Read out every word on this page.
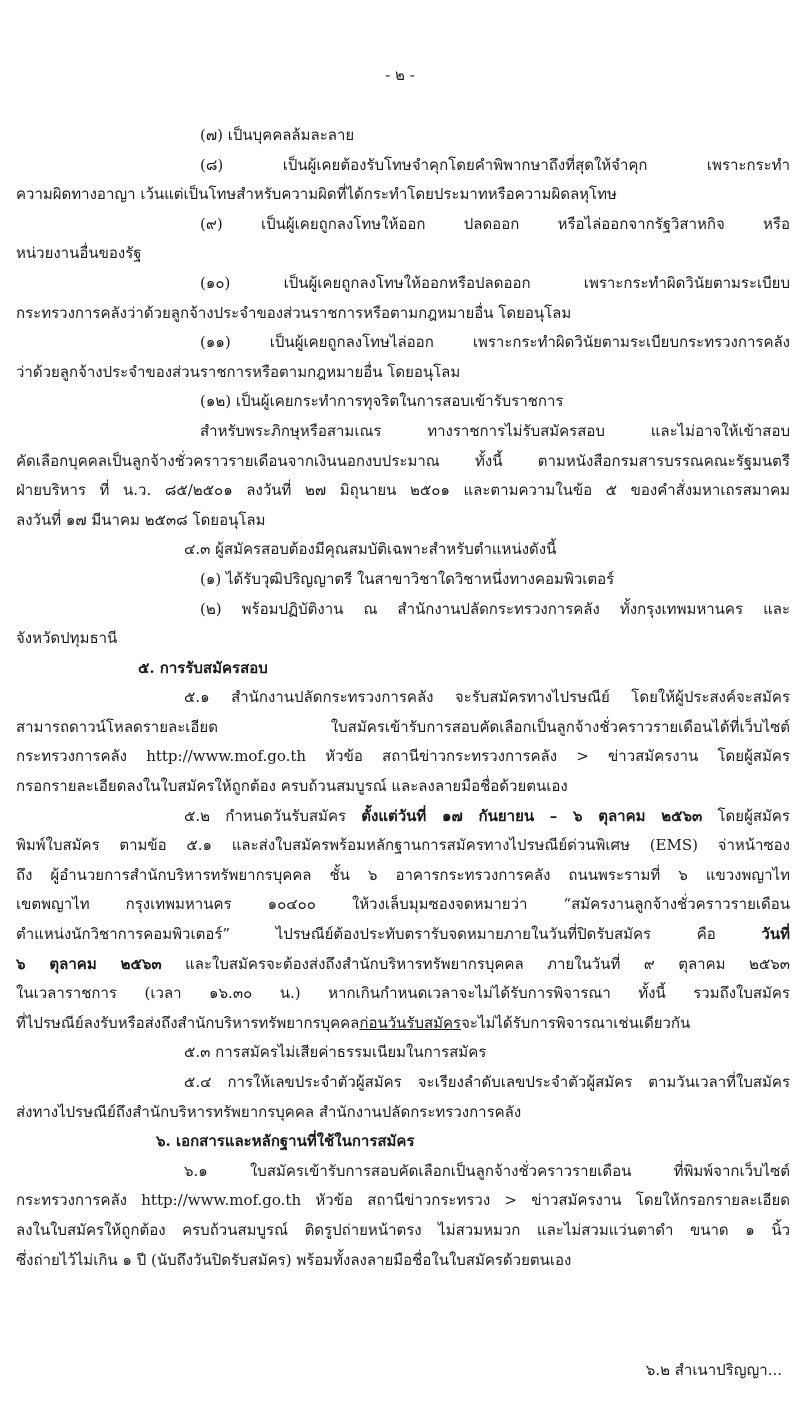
- ๒ -
(๗) เป็นบุคคลล้มละลาย
(๘) เป็นผู้เคยต้องรับโทษจำคุกโดยคำพิพากษาถึงที่สุดให้จำคุก เพราะกระทำ
ความผิดทางอาญา เว้นแต่เป็นโทษสำหรับความผิดที่ได้กระทำโดยประมาทหรือความผิดลหุโทษ
(๙) เป็นผู้เคยถูกลงโทษให้ออก ปลดออก หรือไล่ออกจากรัฐวิสาหกิจ หรือ
หน่วยงานอื่นของรัฐ
(๑๐) เป็นผู้เคยถูกลงโทษให้ออกหรือปลดออก เพราะกระทำผิดวินัยตามระเบียบ
กระทรวงการคลังว่าด้วยลูกจ้างประจำของส่วนราชการหรือตามกฎหมายอื่น โดยอนุโลม
(๑๑) เป็นผู้เคยถูกลงโทษไล่ออก เพราะกระทำผิดวินัยตามระเบียบกระทรวงการคลัง
ว่าด้วยลูกจ้างประจำของส่วนราชการหรือตามกฎหมายอื่น โดยอนุโลม
(๑๒) เป็นผู้เคยกระทำการทุจริตในการสอบเข้ารับราชการ
สำหรับพระภิกษุหรือสามเณร ทางราชการไม่รับสมัครสอบ และไม่อาจให้เข้าสอบ
คัดเลือกบุคคลเป็นลูกจ้างชั่วคราวรายเดือนจากเงินนอกงบประมาณ ทั้งนี้ ตามหนังสือกรมสารบรรณคณะรัฐมนตรี
ฝ่ายบริหาร ที่ น.ว. ๘๕/๒๕๐๑ ลงวันที่ ๒๗ มิถุนายน ๒๕๐๑ และตามความในข้อ ๕ ของคำสั่งมหาเถรสมาคม
ลงวันที่ ๑๗ มีนาคม ๒๕๓๘ โดยอนุโลม
๔.๓ ผู้สมัครสอบต้องมีคุณสมบัติเฉพาะสำหรับตำแหน่งดังนี้
(๑) ได้รับวุฒิปริญญาตรี ในสาขาวิชาใดวิชาหนึ่งทางคอมพิวเตอร์
(๒) พร้อมปฏิบัติงาน ณ สำนักงานปลัดกระทรวงการคลัง ทั้งกรุงเทพมหานคร และ
จังหวัดปทุมธานี
๕. การรับสมัครสอบ
๕.๑ สำนักงานปลัดกระทรวงการคลัง จะรับสมัครทางไปรษณีย์ โดยให้ผู้ประสงค์จะสมัคร
สามารถดาวน์โหลดรายละเอียด ใบสมัครเข้ารับการสอบคัดเลือกเป็นลูกจ้างชั่วคราวรายเดือนได้ที่เว็บไซต์
กระทรวงการคลัง http://www.mof.go.th หัวข้อ สถานีข่าวกระทรวงการคลัง > ข่าวสมัครงาน โดยผู้สมัคร
กรอกรายละเอียดลงในใบสมัครให้ถูกต้อง ครบถ้วนสมบูรณ์ และลงลายมือชื่อด้วยตนเอง
๕.๒ กำหนดวันรับสมัคร ตั้งแต่วันที่ ๑๗ กันยายน – ๖ ตุลาคม ๒๕๖๓ โดยผู้สมัคร
พิมพ์ใบสมัคร ตามข้อ ๕.๑ และส่งใบสมัครพร้อมหลักฐานการสมัครทางไปรษณีย์ด่วนพิเศษ (EMS) จ่าหน้าซอง
ถึง ผู้อำนวยการสำนักบริหารทรัพยากรบุคคล ชั้น ๖ อาคารกระทรวงการคลัง ถนนพระรามที่ ๖ แขวงพญาไท
เขตพญาไท กรุงเทพมหานคร ๑๐๔๐๐ ให้วงเล็บมุมซองจดหมายว่า “สมัครงานลูกจ้างชั่วคราวรายเดือน
ตำแหน่งนักวิชาการคอมพิวเตอร์” ไปรษณีย์ต้องประทับตรารับจดหมายภายในวันที่ปิดรับสมัคร คือ วันที่
๖ ตุลาคม ๒๕๖๓ และใบสมัครจะต้องส่งถึงสำนักบริหารทรัพยากรบุคคล ภายในวันที่ ๙ ตุลาคม ๒๕๖๓
ในเวลาราชการ (เวลา ๑๖.๓๐ น.) หากเกินกำหนดเวลาจะไม่ได้รับการพิจารณา ทั้งนี้ รวมถึงใบสมัคร
ที่ไปรษณีย์ลงรับหรือส่งถึงสำนักบริหารทรัพยากรบุคคลก่อนวันรับสมัครจะไม่ได้รับการพิจารณาเช่นเดียวกัน
๕.๓ การสมัครไม่เสียค่าธรรมเนียมในการสมัคร
๕.๔ การให้เลขประจำตัวผู้สมัคร จะเรียงลำดับเลขประจำตัวผู้สมัคร ตามวันเวลาที่ใบสมัคร
ส่งทางไปรษณีย์ถึงสำนักบริหารทรัพยากรบุคคล สำนักงานปลัดกระทรวงการคลัง
๖. เอกสารและหลักฐานที่ใช้ในการสมัคร
๖.๑ ใบสมัครเข้ารับการสอบคัดเลือกเป็นลูกจ้างชั่วคราวรายเดือน ที่พิมพ์จากเว็บไซต์
กระทรวงการคลัง http://www.mof.go.th หัวข้อ สถานีข่าวกระทรวง > ข่าวสมัครงาน โดยให้กรอกรายละเอียด
ลงในใบสมัครให้ถูกต้อง ครบถ้วนสมบูรณ์ ติดรูปถ่ายหน้าตรง ไม่สวมหมวก และไม่สวมแว่นตาดำ ขนาด ๑ นิ้ว
ซึ่งถ่ายไว้ไม่เกิน ๑ ปี (นับถึงวันปิดรับสมัคร) พร้อมทั้งลงลายมือชื่อในใบสมัครด้วยตนเอง
๖.๒ สำเนาปริญญา...
